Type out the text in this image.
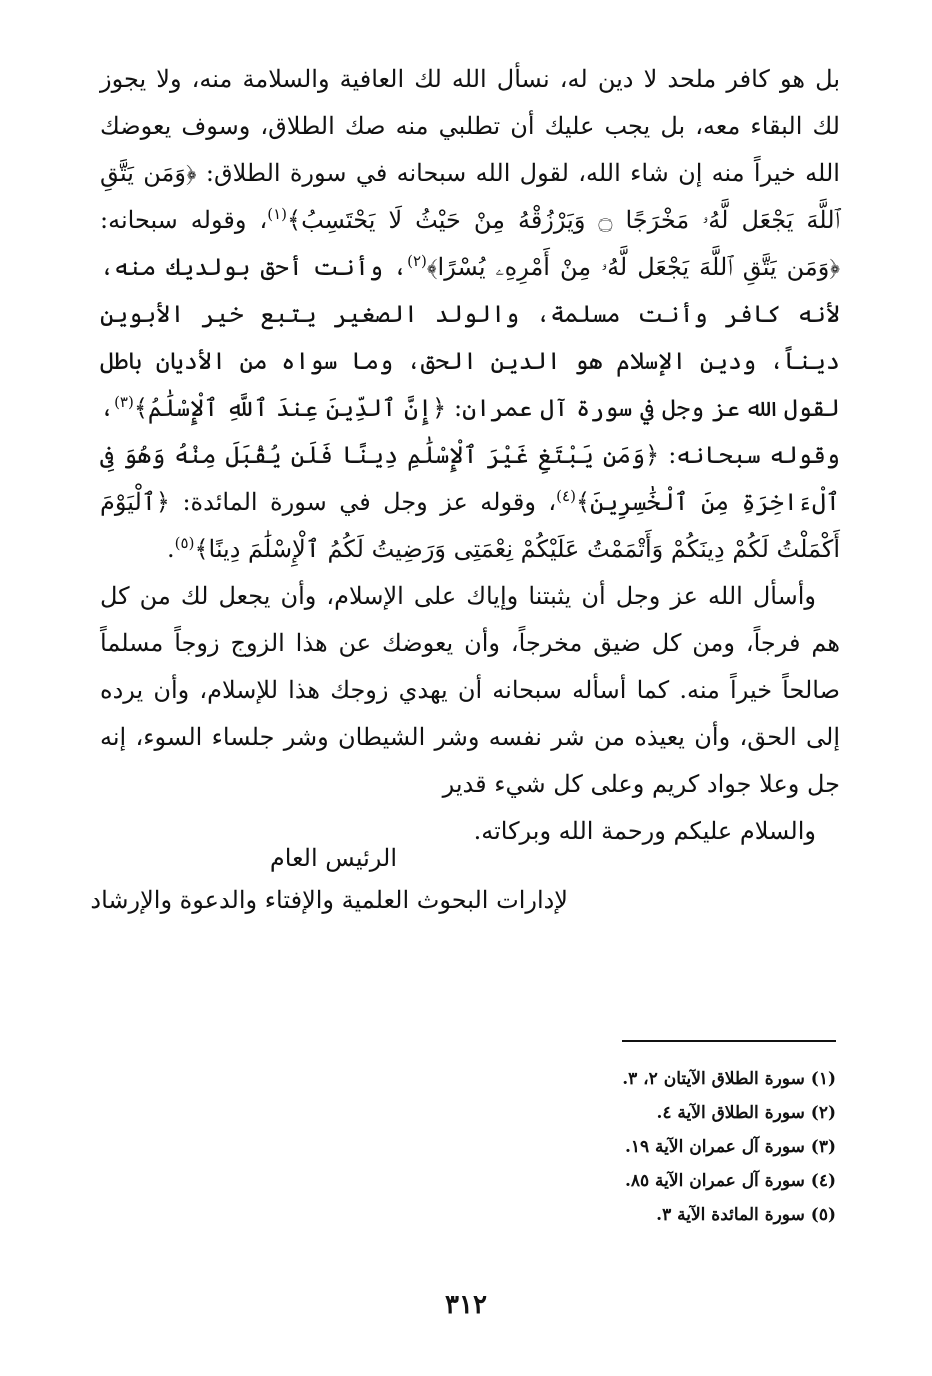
بل هو كافر ملحد لا دين له، نسأل الله لك العافية والسلامة منه، ولا يجوز لك البقاء معه، بل يجب عليك أن تطلبي منه صك الطلاق، وسوف يعوضك الله خيراً منه إن شاء الله، لقول الله سبحانه في سورة الطلاق: ﴿وَمَن يَتَّقِ ٱللَّهَ يَجْعَل لَّهُۥ مَخْرَجًا ۝ وَيَرْزُقْهُ مِنْ حَيْثُ لَا يَحْتَسِبُ﴾$^{(١)}$، وقوله سبحانه: ﴿وَمَن يَتَّقِ ٱللَّهَ يَجْعَل لَّهُۥ مِنْ أَمْرِهِۦ يُسْرًا﴾$^{(٢)}$، وأنت أحق بولديك منه، لأنه كافر وأنت مسلمة، والولد الصغير يتبع خير الأبوين ديناً، ودين الإسلام هو الدين الحق، وما سواه من الأديان باطل لقول الله عز وجل في سورة آل عمران: ﴿إِنَّ ٱلدِّينَ عِندَ ٱللَّهِ ٱلْإِسْلَٰمُ﴾$^{(٣)}$، وقوله سبحانه: ﴿وَمَن يَبْتَغِ غَيْرَ ٱلْإِسْلَٰمِ دِينًا فَلَن يُقْبَلَ مِنْهُ وَهُوَ فِى ٱلْءَاخِرَةِ مِنَ ٱلْخَٰسِرِينَ﴾$^{(٤)}$، وقوله عز وجل في سورة المائدة: ﴿ٱلْيَوْمَ أَكْمَلْتُ لَكُمْ دِينَكُمْ وَأَتْمَمْتُ عَلَيْكُمْ نِعْمَتِى وَرَضِيتُ لَكُمُ ٱلْإِسْلَٰمَ دِينًا﴾$^{(٥)}$.

وأسأل الله عز وجل أن يثبتنا وإياك على الإسلام، وأن يجعل لك من كل هم فرجاً، ومن كل ضيق مخرجاً، وأن يعوضك عن هذا الزوج زوجاً مسلماً صالحاً خيراً منه. كما أسأله سبحانه أن يهدي زوجك هذا للإسلام، وأن يرده إلى الحق، وأن يعيذه من شر نفسه وشر الشيطان وشر جلساء السوء، إنه جل وعلا جواد كريم وعلى كل شيء قدير

والسلام عليكم ورحمة الله وبركاته.

الرئيس العام
لإدارات البحوث العلمية والإفتاء والدعوة والإرشاد
(١) سورة الطلاق الآيتان ٢، ٣.
(٢) سورة الطلاق الآية ٤.
(٣) سورة آل عمران الآية ١٩.
(٤) سورة آل عمران الآية ٨٥.
(٥) سورة المائدة الآية ٣.
٣١٢
